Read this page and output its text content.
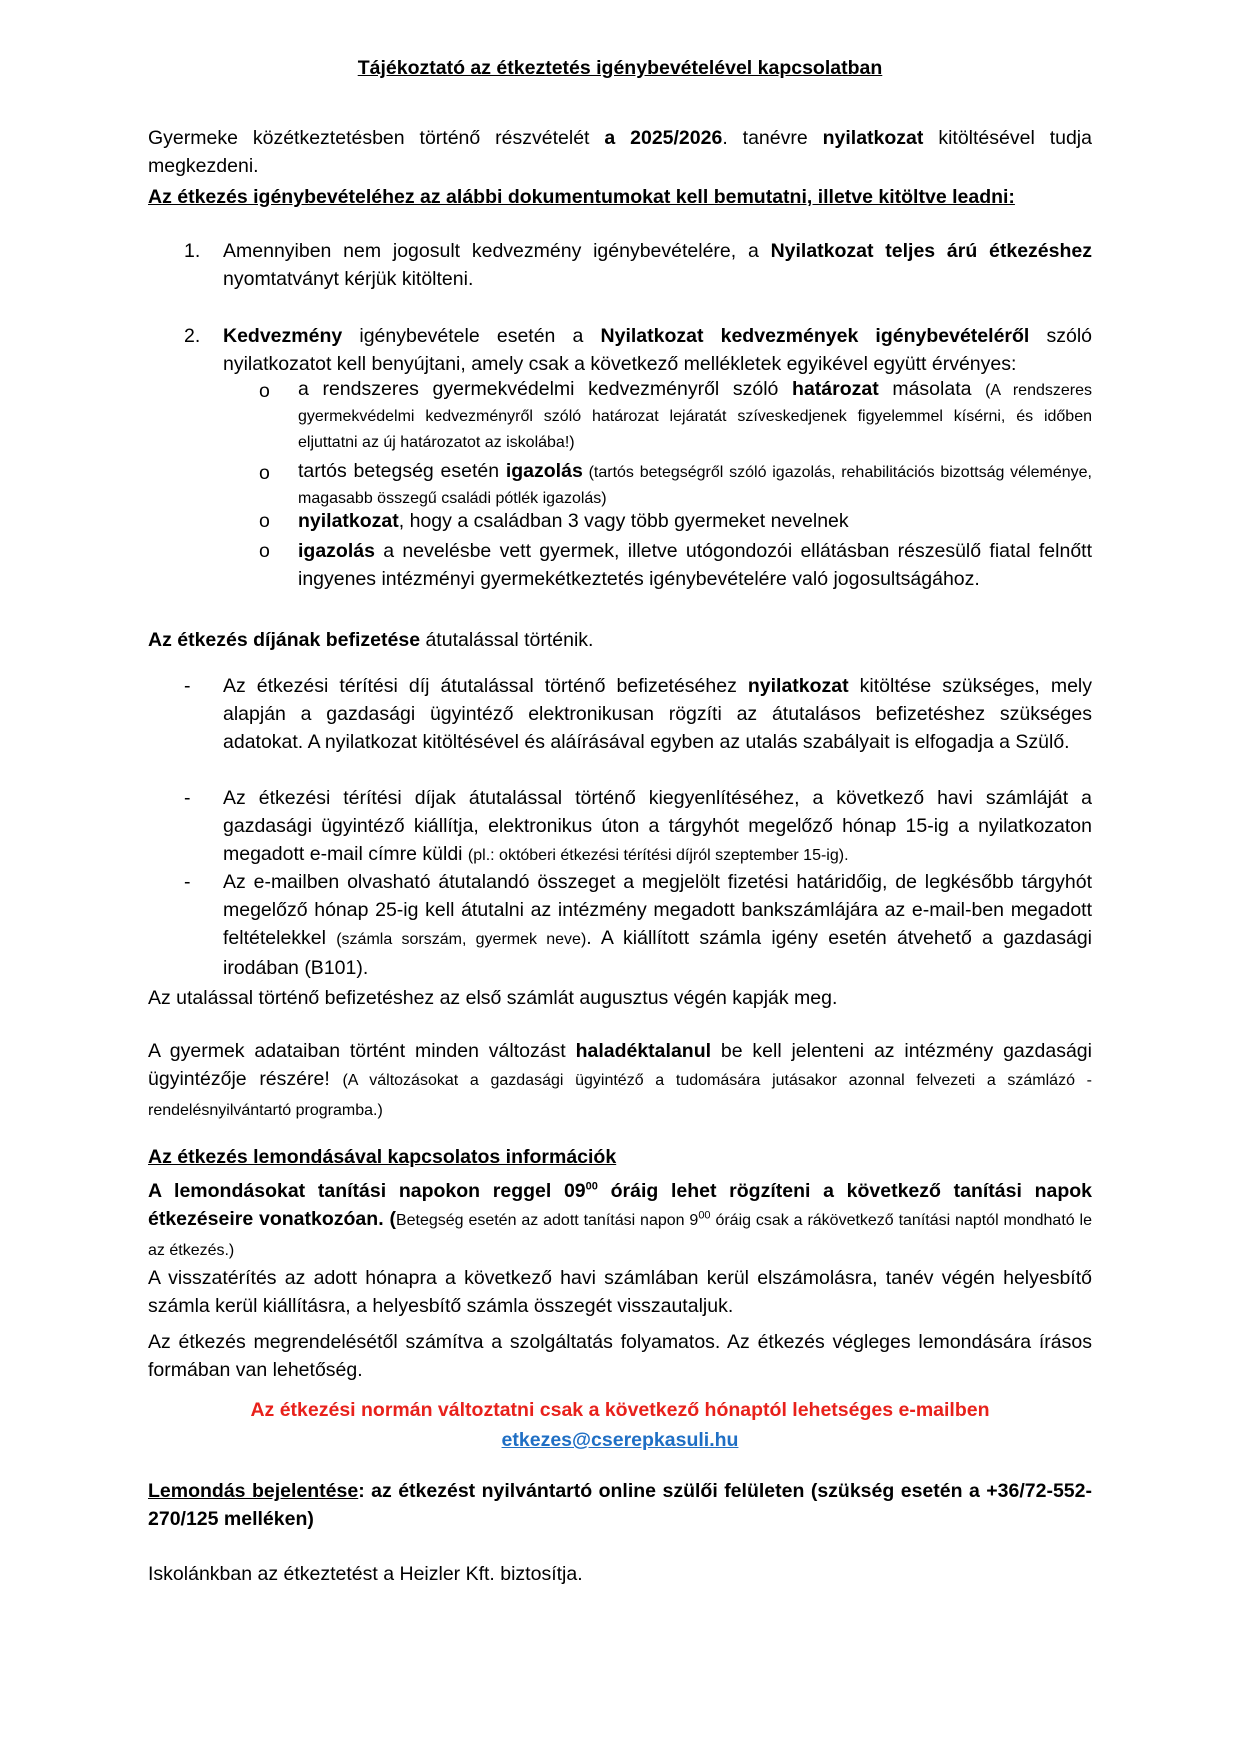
Tájékoztató az étkeztetés igénybevételével kapcsolatban

Gyermeke közétkeztetésben történő részvételét a 2025/2026. tanévre nyilatkozat kitöltésével tudja megkezdeni.

Az étkezés igénybevételéhez az alábbi dokumentumokat kell bemutatni, illetve kitöltve leadni:

1. Amennyiben nem jogosult kedvezmény igénybevételére, a Nyilatkozat teljes árú étkezéshez nyomtatványt kérjük kitölteni.

2. Kedvezmény igénybevétele esetén a Nyilatkozat kedvezmények igénybevételéről szóló nyilatkozatot kell benyújtani, amely csak a következő mellékletek egyikével együtt érvényes:

o a rendszeres gyermekvédelmi kedvezményről szóló határozat másolata (A rendszeres gyermekvédelmi kedvezményről szóló határozat lejáratát szíveskedjenek figyelemmel kísérni, és időben eljuttatni az új határozatot az iskolába!)

o tartós betegség esetén igazolás (tartós betegségről szóló igazolás, rehabilitációs bizottság véleménye, magasabb összegű családi pótlék igazolás)

o nyilatkozat, hogy a családban 3 vagy több gyermeket nevelnek

o igazolás a nevelésbe vett gyermek, illetve utógondozói ellátásban részesülő fiatal felnőtt ingyenes intézményi gyermekétkeztetés igénybevételére való jogosultságához.

Az étkezés díjának befizetése átutalással történik.

- Az étkezési térítési díj átutalással történő befizetéséhez nyilatkozat kitöltése szükséges, mely alapján a gazdasági ügyintéző elektronikusan rögzíti az átutalásos befizetéshez szükséges adatokat. A nyilatkozat kitöltésével és aláírásával egyben az utalás szabályait is elfogadja a Szülő.

- Az étkezési térítési díjak átutalással történő kiegyenlítéséhez, a következő havi számláját a gazdasági ügyintéző kiállítja, elektronikus úton a tárgyhót megelőző hónap 15-ig a nyilatkozaton megadott e-mail címre küldi (pl.: októberi étkezési térítési díjról szeptember 15-ig).

- Az e-mailben olvasható átutalandó összeget a megjelölt fizetési határidőig, de legkésőbb tárgyhót megelőző hónap 25-ig kell átutalni az intézmény megadott bankszámlájára az e-mail-ben megadott feltételekkel (számla sorszám, gyermek neve). A kiállított számla igény esetén átvehető a gazdasági irodában (B101).

Az utalással történő befizetéshez az első számlát augusztus végén kapják meg.

A gyermek adataiban történt minden változást haladéktalanul be kell jelenteni az intézmény gazdasági ügyintézője részére! (A változásokat a gazdasági ügyintéző a tudomására jutásakor azonnal felvezeti a számlázó - rendelésnyilvántartó programba.)

Az étkezés lemondásával kapcsolatos információk

A lemondásokat tanítási napokon reggel $09^{00}$ óráig lehet rögzíteni a következő tanítási napok étkezéseire vonatkozóan. (Betegség esetén az adott tanítási napon $9^{00}$ óráig csak a rákövetkező tanítási naptól mondható le az étkezés.)

A visszatérítés az adott hónapra a következő havi számlában kerül elszámolásra, tanév végén helyesbítő számla kerül kiállításra, a helyesbítő számla összegét visszautaljuk.

Az étkezés megrendelésétől számítva a szolgáltatás folyamatos. Az étkezés végleges lemondására írásos formában van lehetőség.

Az étkezési normán változtatni csak a következő hónaptól lehetséges e-mailben

etkezes@cserepkasuli.hu

Lemondás bejelentése: az étkezést nyilvántartó online szülői felületen (szükség esetén a +36/72-552-270/125 melléken)

Iskolánkban az étkeztetést a Heizler Kft. biztosítja.
